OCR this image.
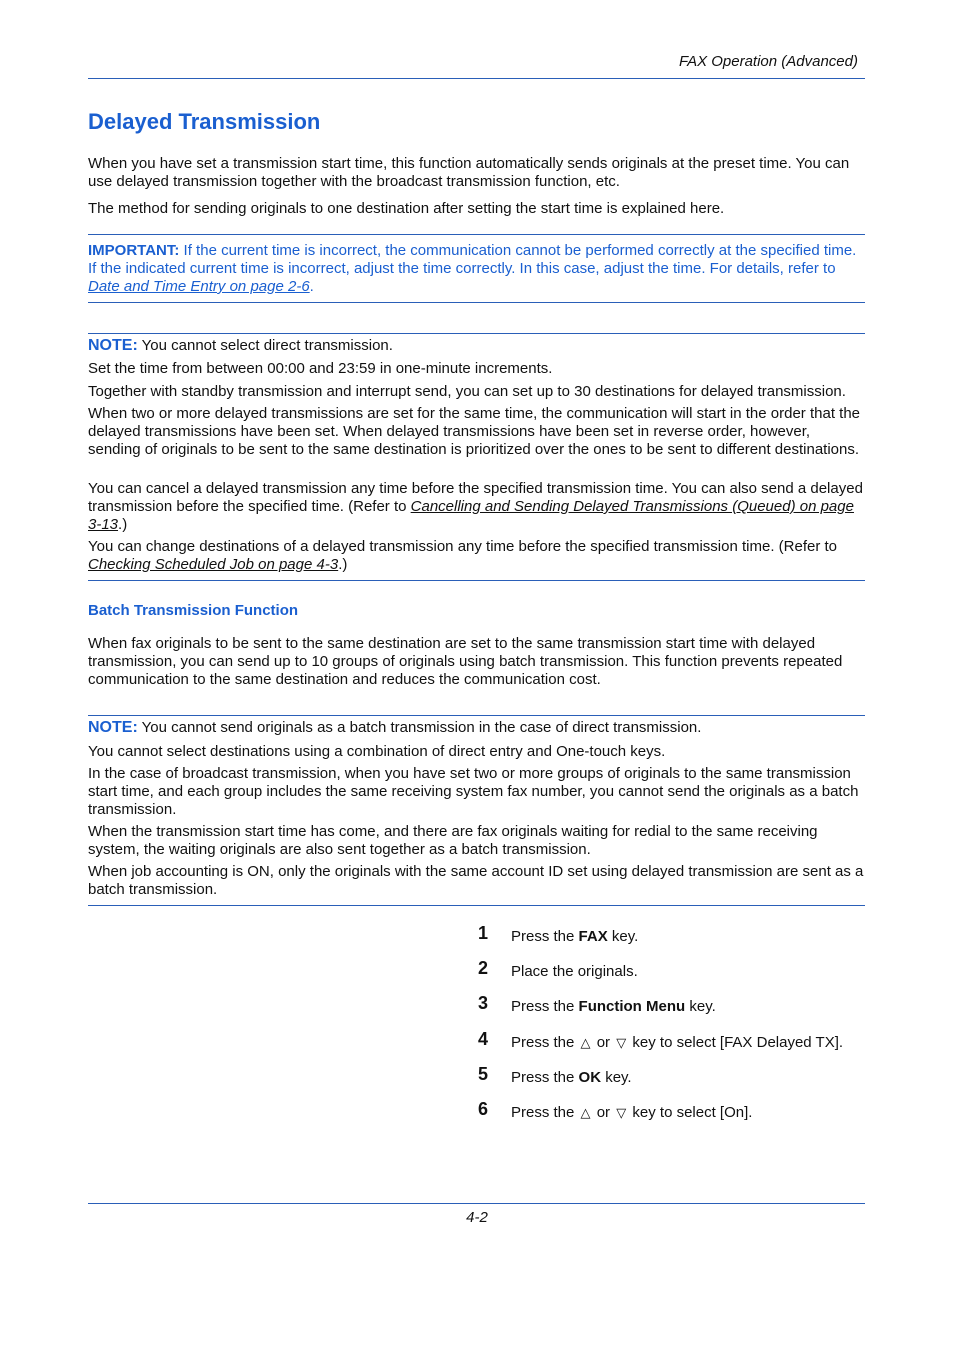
FAX Operation (Advanced)
Delayed Transmission
When you have set a transmission start time, this function automatically sends originals at the preset time. You can use delayed transmission together with the broadcast transmission function, etc.
The method for sending originals to one destination after setting the start time is explained here.
IMPORTANT: If the current time is incorrect, the communication cannot be performed correctly at the specified time. If the indicated current time is incorrect, adjust the time correctly. In this case, adjust the time. For details, refer to Date and Time Entry on page 2-6.
NOTE: You cannot select direct transmission.
Set the time from between 00:00 and 23:59 in one-minute increments.
Together with standby transmission and interrupt send, you can set up to 30 destinations for delayed transmission.
When two or more delayed transmissions are set for the same time, the communication will start in the order that the delayed transmissions have been set. When delayed transmissions have been set in reverse order, however, sending of originals to be sent to the same destination is prioritized over the ones to be sent to different destinations.
You can cancel a delayed transmission any time before the specified transmission time. You can also send a delayed transmission before the specified time. (Refer to Cancelling and Sending Delayed Transmissions (Queued) on page 3-13.)
You can change destinations of a delayed transmission any time before the specified transmission time. (Refer to Checking Scheduled Job on page 4-3.)
Batch Transmission Function
When fax originals to be sent to the same destination are set to the same transmission start time with delayed transmission, you can send up to 10 groups of originals using batch transmission. This function prevents repeated communication to the same destination and reduces the communication cost.
NOTE: You cannot send originals as a batch transmission in the case of direct transmission.
You cannot select destinations using a combination of direct entry and One-touch keys.
In the case of broadcast transmission, when you have set two or more groups of originals to the same transmission start time, and each group includes the same receiving system fax number, you cannot send the originals as a batch transmission.
When the transmission start time has come, and there are fax originals waiting for redial to the same receiving system, the waiting originals are also sent together as a batch transmission.
When job accounting is ON, only the originals with the same account ID set using delayed transmission are sent as a batch transmission.
1	Press the FAX key.
2	Place the originals.
3	Press the Function Menu key.
4	Press the △ or ▽ key to select [FAX Delayed TX].
5	Press the OK key.
6	Press the △ or ▽ key to select [On].
4-2
